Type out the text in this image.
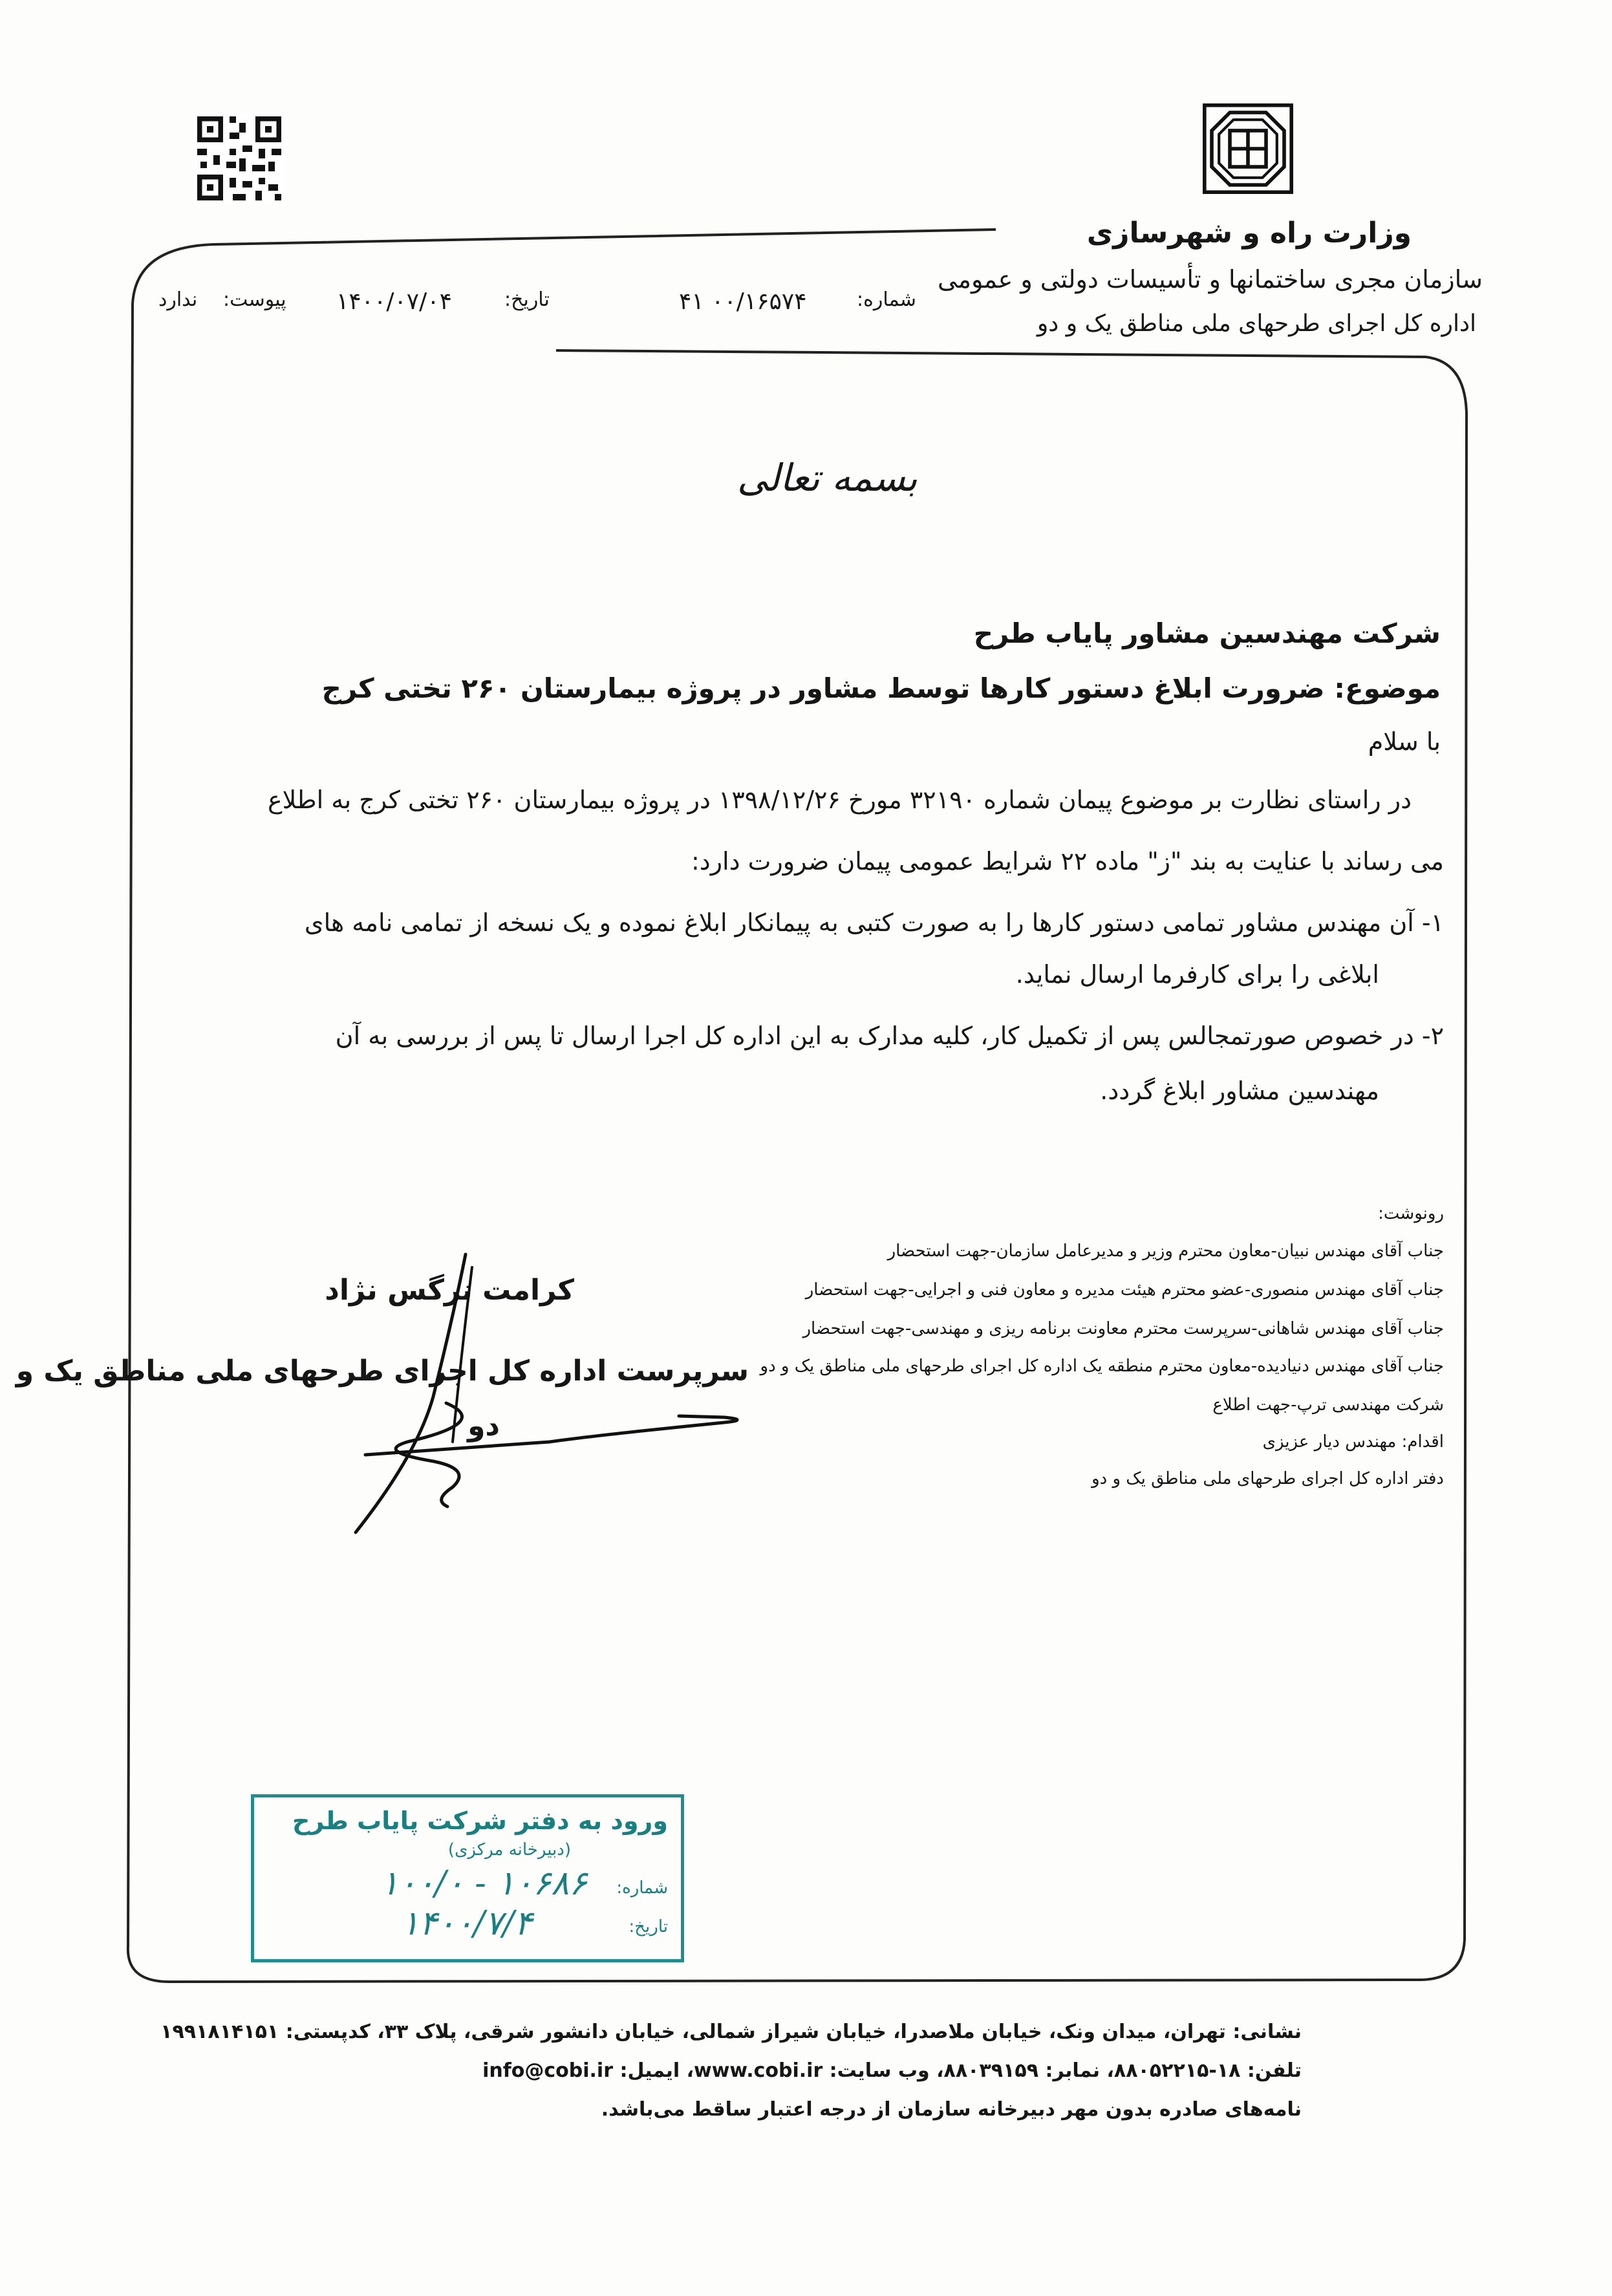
وزارت راه و شهرسازی
سازمان مجری ساختمانها و تأسیسات دولتی و عمومی
اداره کل اجرای طرحهای ملی مناطق یک و دو
شماره:
۴۱ ۰۰/۱۶۵۷۴
تاریخ:
۱۴۰۰/۰۷/۰۴
پیوست:
ندارد
بسمه تعالی
شرکت مهندسین مشاور پایاب طرح
موضوع: ضرورت ابلاغ دستور کارها توسط مشاور در پروژه بیمارستان ۲۶۰ تختی کرج
با سلام
در راستای نظارت بر موضوع پیمان شماره ۳۲۱۹۰ مورخ ۱۳۹۸/۱۲/۲۶ در پروژه بیمارستان ۲۶۰ تختی کرج به اطلاع
می رساند با عنایت به بند "ز" ماده ۲۲ شرایط عمومی پیمان ضرورت دارد:
۱- آن مهندس مشاور تمامی دستور کارها را به صورت کتبی به پیمانکار ابلاغ نموده و یک نسخه از تمامی نامه های
ابلاغی را برای کارفرما ارسال نماید.
۲- در خصوص صورتمجالس پس از تکمیل کار، کلیه مدارک به این اداره کل اجرا ارسال تا پس از بررسی به آن
مهندسین مشاور ابلاغ گردد.
رونوشت:
جناب آقای مهندس نبیان-معاون محترم وزیر و مدیرعامل سازمان-جهت استحضار
جناب آقای مهندس منصوری-عضو محترم هیئت مدیره و معاون فنی و اجرایی-جهت استحضار
جناب آقای مهندس شاهانی-سرپرست محترم معاونت برنامه ریزی و مهندسی-جهت استحضار
جناب آقای مهندس دنیادیده-معاون محترم منطقه یک اداره کل اجرای طرحهای ملی مناطق یک و دو
شرکت مهندسی ترپ-جهت اطلاع
اقدام: مهندس دیار عزیزی
دفتر اداره کل اجرای طرحهای ملی مناطق یک و دو
کرامت نرگس نژاد
سرپرست اداره کل اجرای طرحهای ملی مناطق یک و
دو
ورود به دفتر شرکت پایاب طرح
(دبیرخانه مرکزی)
شماره:
۱۰۰/۰ - ۱۰۶۸۶
تاریخ:
۱۴۰۰/۷/۴
نشانی: تهران، میدان ونک، خیابان ملاصدرا، خیابان شیراز شمالی، خیابان دانشور شرقی، پلاک ۳۳، کدپستی: ۱۹۹۱۸۱۴۱۵۱
تلفن: ۱۸-۸۸۰۵۲۲۱۵، نمابر: ۸۸۰۳۹۱۵۹، وب سایت: www.cobi.ir، ایمیل: info@cobi.ir
نامه‌های صادره بدون مهر دبیرخانه سازمان از درجه اعتبار ساقط می‌باشد.
